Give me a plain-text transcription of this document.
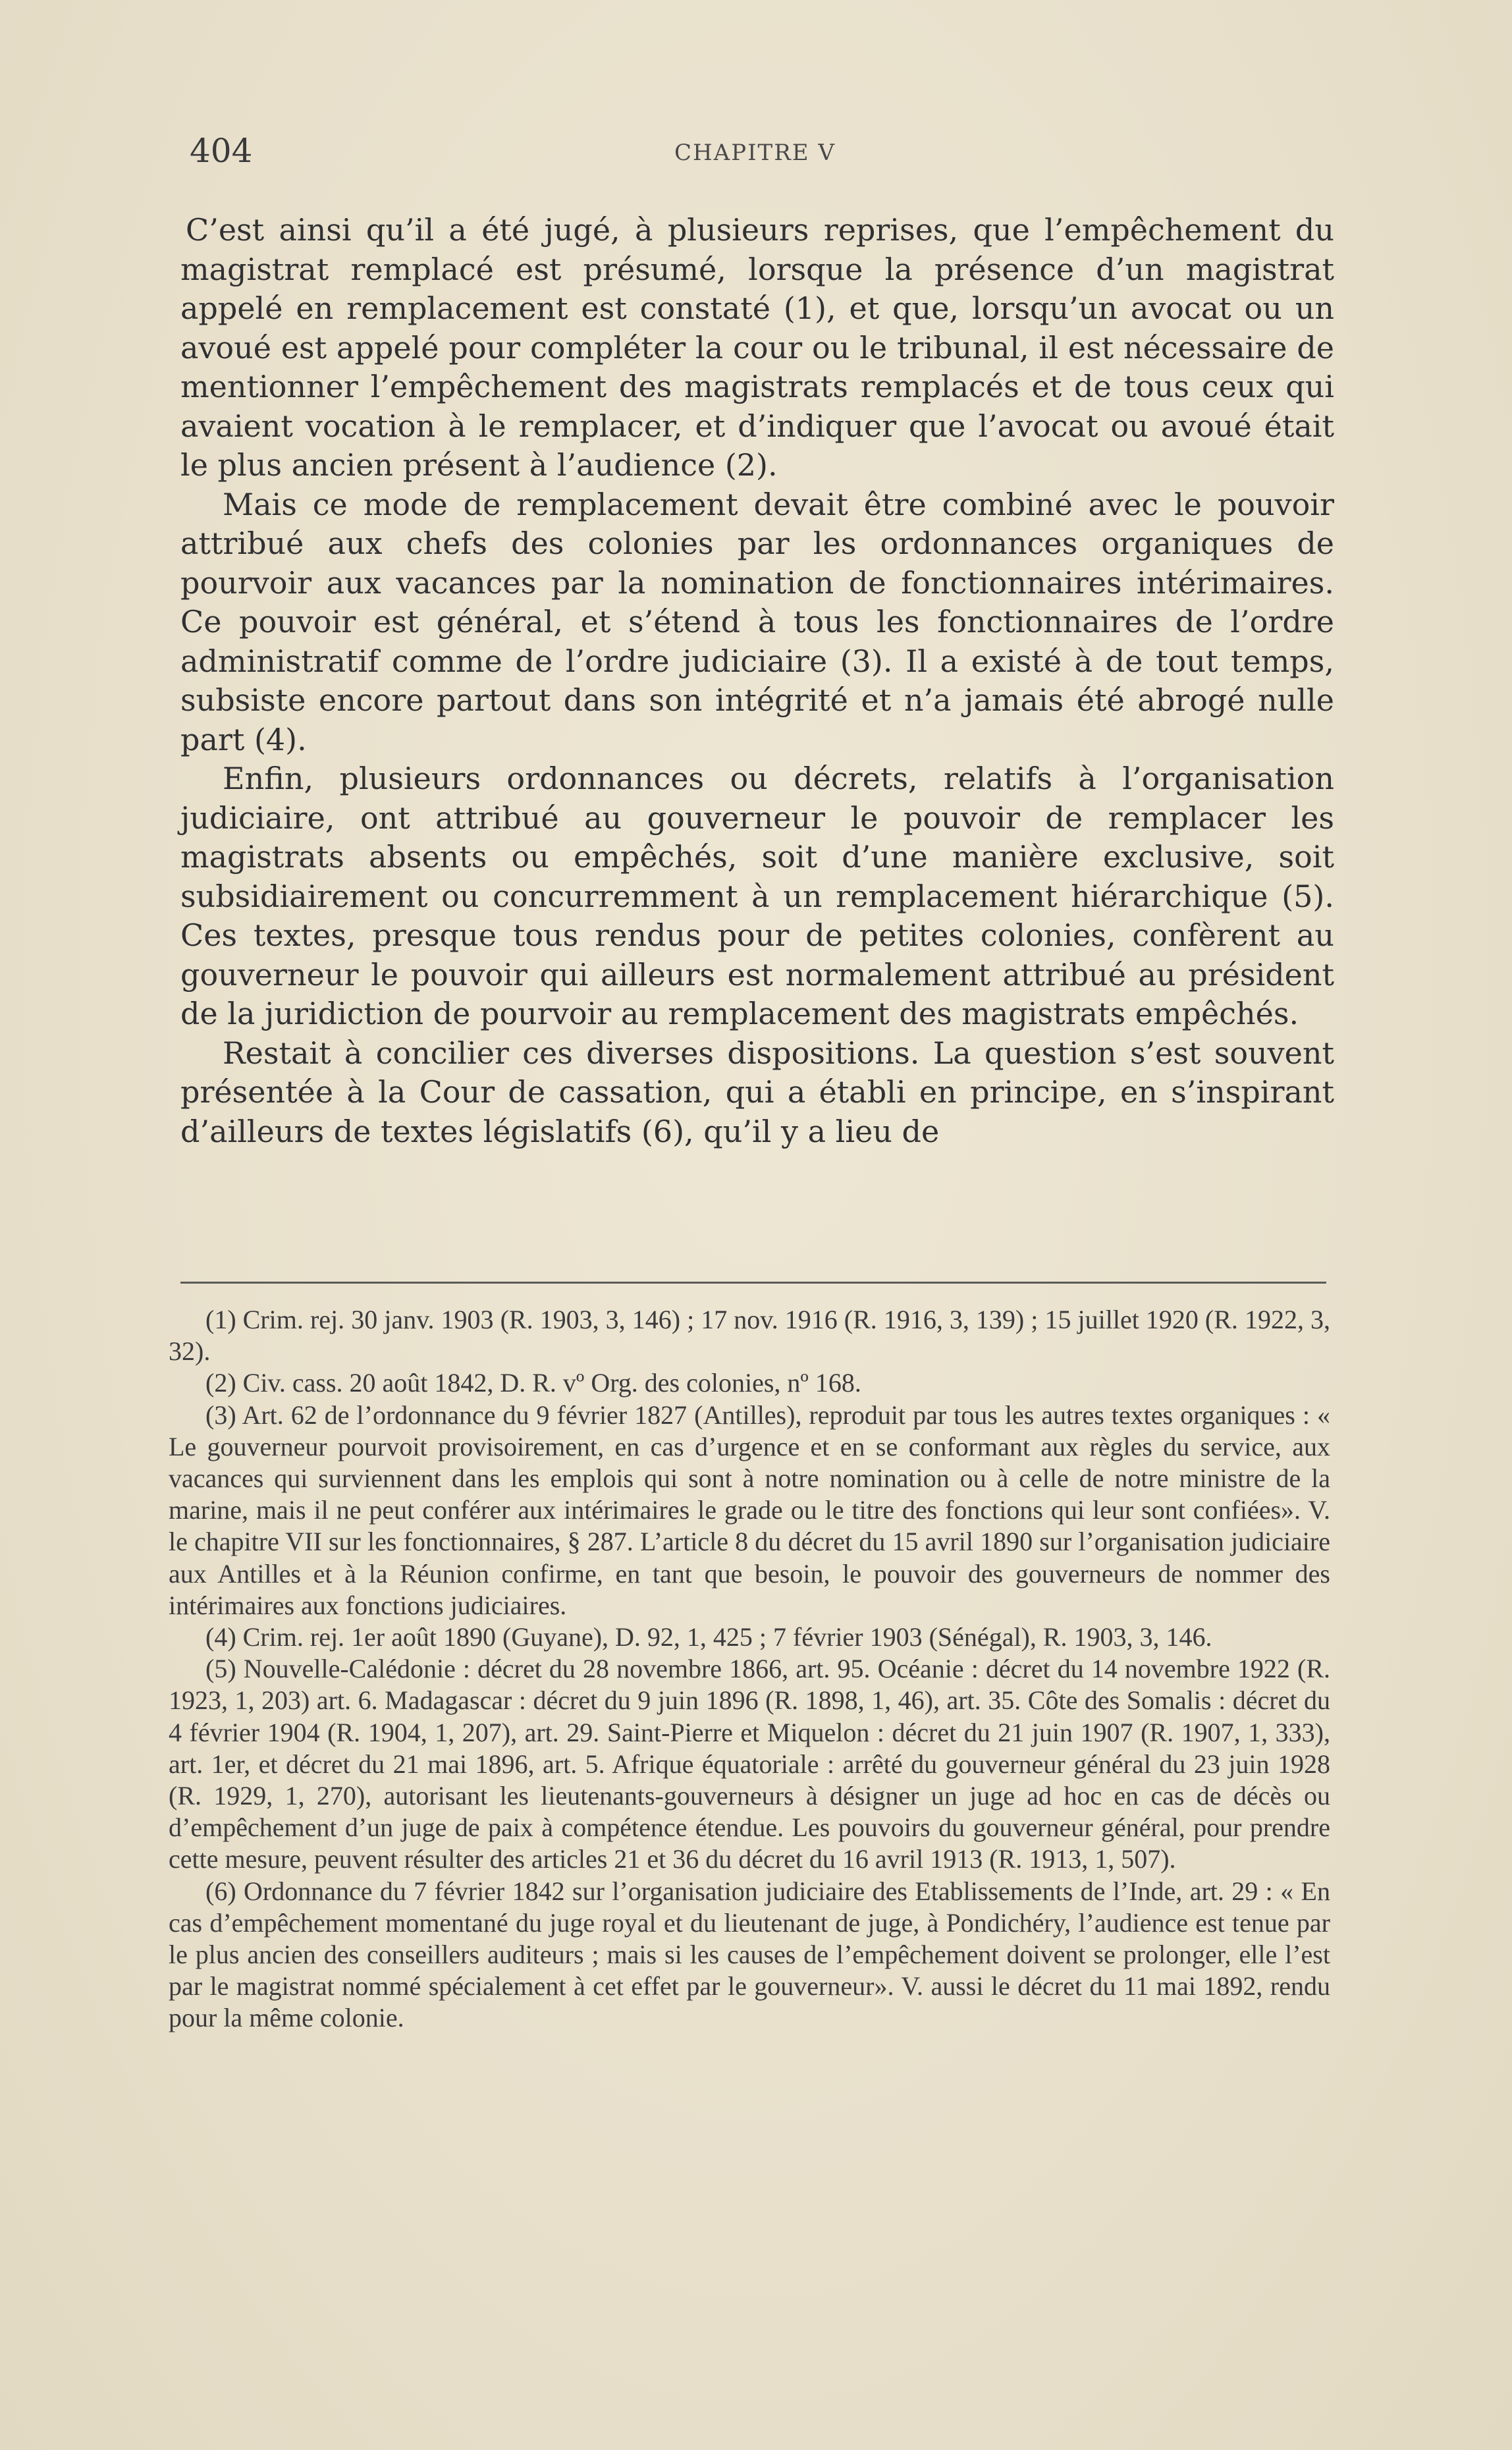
404	CHAPITRE V

C’est ainsi qu’il a été jugé, à plusieurs reprises, que l’empêchement du magistrat remplacé est présumé, lorsque la présence d’un magistrat appelé en remplacement est constaté (1), et que, lorsqu’un avocat ou un avoué est appelé pour compléter la cour ou le tribunal, il est nécessaire de mentionner l’empêchement des magistrats remplacés et de tous ceux qui avaient vocation à le remplacer, et d’indiquer que l’avocat ou avoué était le plus ancien présent à l’audience (2).

Mais ce mode de remplacement devait être combiné avec le pouvoir attribué aux chefs des colonies par les ordonnances organiques de pourvoir aux vacances par la nomination de fonctionnaires intérimaires. Ce pouvoir est général, et s’étend à tous les fonctionnaires de l’ordre administratif comme de l’ordre judiciaire (3). Il a existé à de tout temps, subsiste encore partout dans son intégrité et n’a jamais été abrogé nulle part (4).

Enfin, plusieurs ordonnances ou décrets, relatifs à l’organisation judiciaire, ont attribué au gouverneur le pouvoir de remplacer les magistrats absents ou empêchés, soit d’une manière exclusive, soit subsidiairement ou concurremment à un remplacement hiérarchique (5). Ces textes, presque tous rendus pour de petites colonies, confèrent au gouverneur le pouvoir qui ailleurs est normalement attribué au président de la juridiction de pourvoir au remplacement des magistrats empêchés.

Restait à concilier ces diverses dispositions. La question s’est souvent présentée à la Cour de cassation, qui a établi en principe, en s’inspirant d’ailleurs de textes législatifs (6), qu’il y a lieu de

(1) Crim. rej. 30 janv. 1903 (R. 1903, 3, 146) ; 17 nov. 1916 (R. 1916, 3, 139) ; 15 juillet 1920 (R. 1922, 3, 32).

(2) Civ. cass. 20 août 1842, D. R. vº Org. des colonies, nº 168.

(3) Art. 62 de l’ordonnance du 9 février 1827 (Antilles), reproduit par tous les autres textes organiques : « Le gouverneur pourvoit provisoirement, en cas d’urgence et en se conformant aux règles du service, aux vacances qui surviennent dans les emplois qui sont à notre nomination ou à celle de notre ministre de la marine, mais il ne peut conférer aux intérimaires le grade ou le titre des fonctions qui leur sont confiées». V. le chapitre VII sur les fonctionnaires, § 287. L’article 8 du décret du 15 avril 1890 sur l’organisation judiciaire aux Antilles et à la Réunion confirme, en tant que besoin, le pouvoir des gouverneurs de nommer des intérimaires aux fonctions judiciaires.

(4) Crim. rej. 1er août 1890 (Guyane), D. 92, 1, 425 ; 7 février 1903 (Sénégal), R. 1903, 3, 146.

(5) Nouvelle-Calédonie : décret du 28 novembre 1866, art. 95. Océanie : décret du 14 novembre 1922 (R. 1923, 1, 203) art. 6. Madagascar : décret du 9 juin 1896 (R. 1898, 1, 46), art. 35. Côte des Somalis : décret du 4 février 1904 (R. 1904, 1, 207), art. 29. Saint-Pierre et Miquelon : décret du 21 juin 1907 (R. 1907, 1, 333), art. 1er, et décret du 21 mai 1896, art. 5. Afrique équatoriale : arrêté du gouverneur général du 23 juin 1928 (R. 1929, 1, 270), autorisant les lieutenants-gouverneurs à désigner un juge ad hoc en cas de décès ou d’empêchement d’un juge de paix à compétence étendue. Les pouvoirs du gouverneur général, pour prendre cette mesure, peuvent résulter des articles 21 et 36 du décret du 16 avril 1913 (R. 1913, 1, 507).

(6) Ordonnance du 7 février 1842 sur l’organisation judiciaire des Etablissements de l’Inde, art. 29 : « En cas d’empêchement momentané du juge royal et du lieutenant de juge, à Pondichéry, l’audience est tenue par le plus ancien des conseillers auditeurs ; mais si les causes de l’empêchement doivent se prolonger, elle l’est par le magistrat nommé spécialement à cet effet par le gouverneur». V. aussi le décret du 11 mai 1892, rendu pour la même colonie.
